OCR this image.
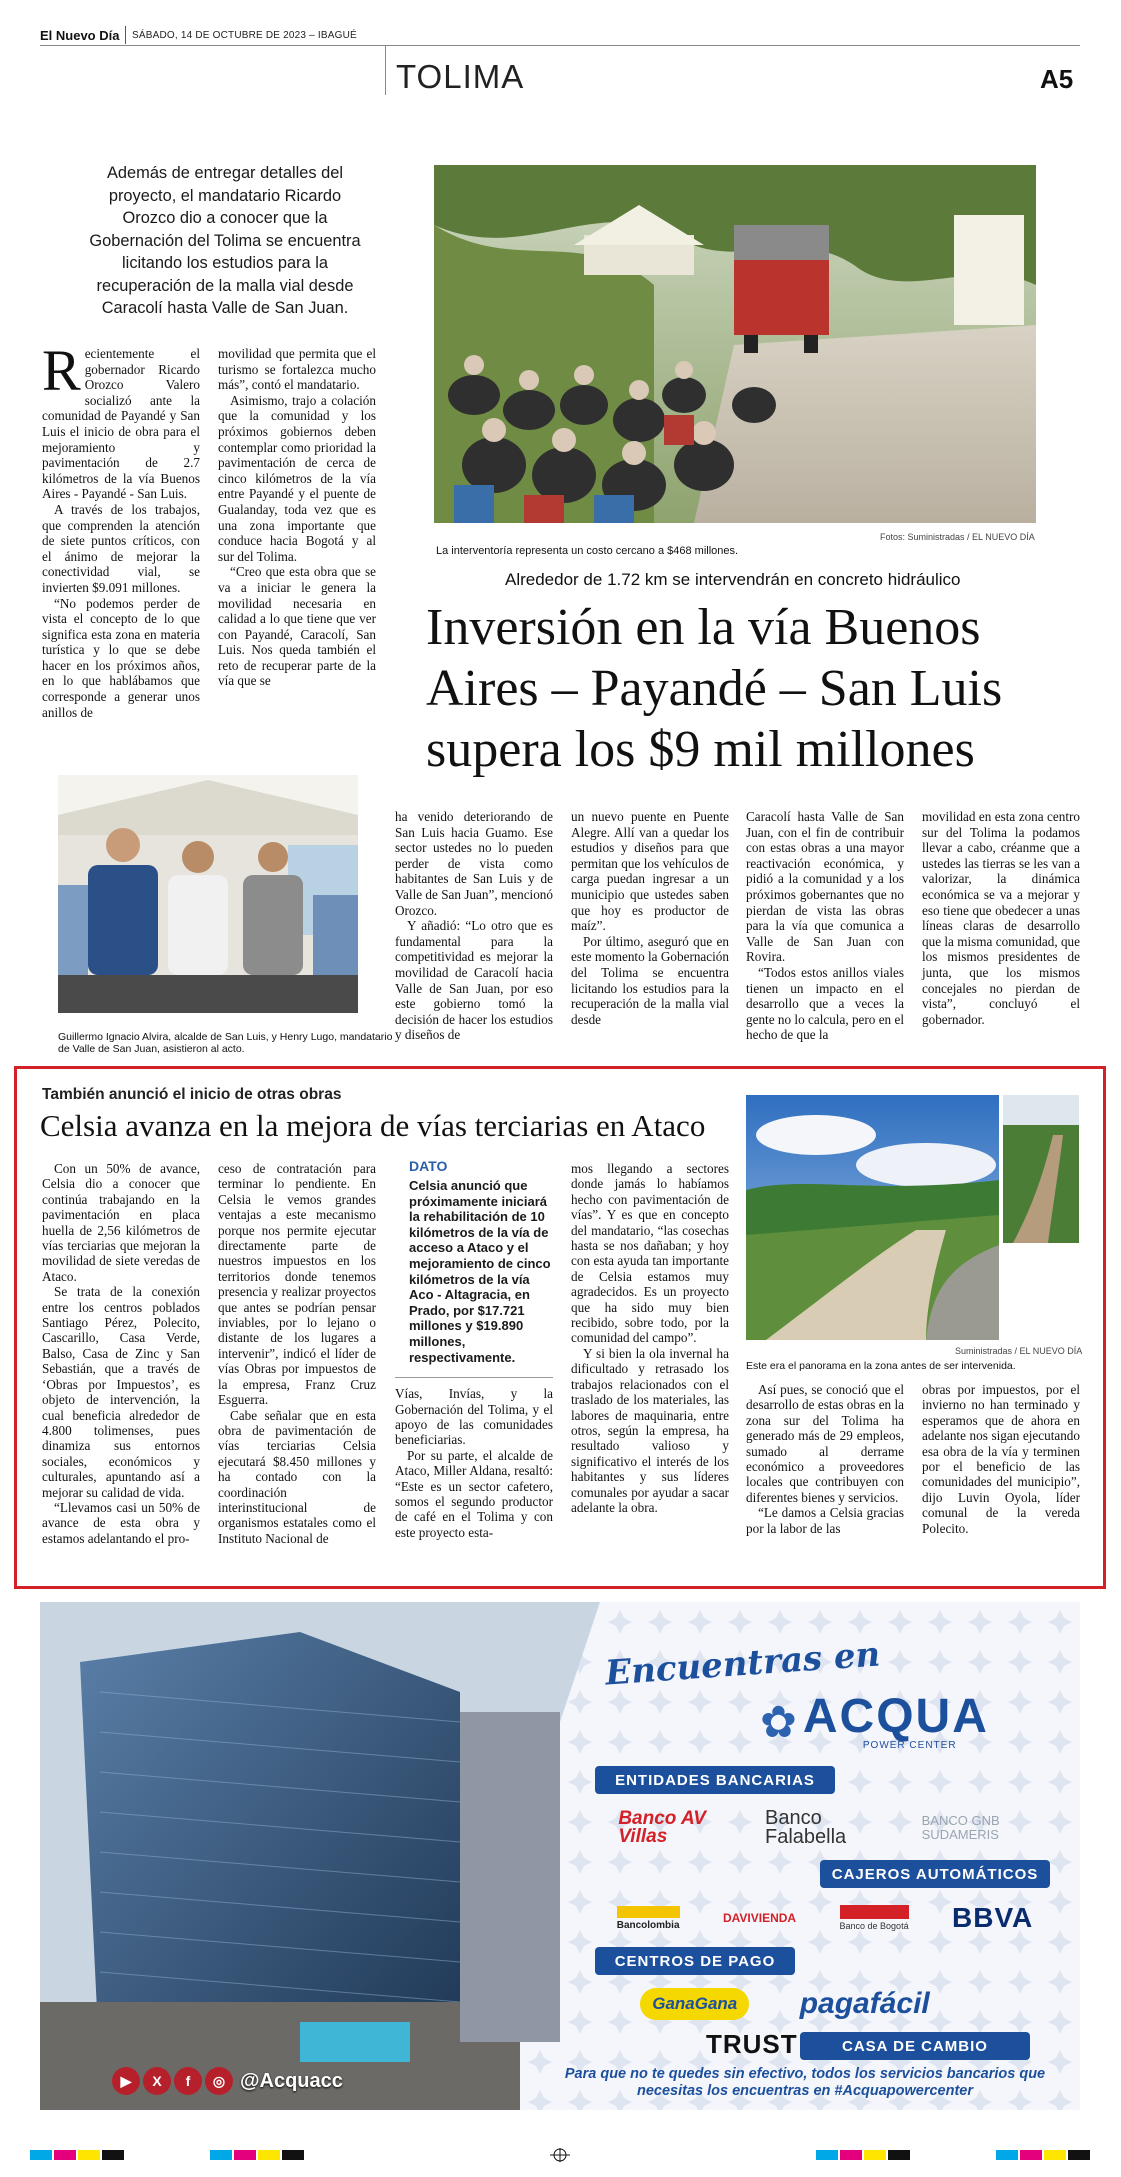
El Nuevo Día SÁBADO, 14 DE OCTUBRE DE 2023 – IBAGUÉ
TOLIMA	A5
Además de entregar detalles del proyecto, el mandatario Ricardo Orozco dio a conocer que la Gobernación del Tolima se encuentra licitando los estudios para la recuperación de la malla vial desde Caracolí hasta Valle de San Juan.
La interventoría representa un costo cercano a $468 millones.
Fotos: Suministradas / EL NUEVO DÍA
Alrededor de 1.72 km se intervendrán en concreto hidráulico
Inversión en la vía Buenos Aires – Payandé – San Luis supera los $9 mil millones
R ecientemente el gobernador Ricardo Orozco Valero socializó ante la comunidad de Payandé y San Luis el inicio de obra para el mejoramiento y pavimentación de 2.7 kilómetros de la vía Buenos Aires - Payandé - San Luis.

A través de los trabajos, que comprenden la atención de siete puntos críticos, con el ánimo de mejorar la conectividad vial, se invierten $9.091 millones.

“No podemos perder de vista el concepto de lo que significa esta zona en materia turística y lo que se debe hacer en los próximos años, en lo que hablábamos que corresponde a generar unos anillos de

movilidad que permita que el turismo se fortalezca mucho más”, contó el mandatario.

Asimismo, trajo a colación que la comunidad y los próximos gobiernos deben contemplar como prioridad la pavimentación de cerca de cinco kilómetros de la vía entre Payandé y el puente de Gualanday, toda vez que es una zona importante que conduce hacia Bogotá y al sur del Tolima.

“Creo que esta obra que se va a iniciar le genera la movilidad necesaria en calidad a lo que tiene que ver con Payandé, Caracolí, San Luis. Nos queda también el reto de recuperar parte de la vía que se

Guillermo Ignacio Alvira, alcalde de San Luis, y Henry Lugo, mandatario de Valle de San Juan, asistieron al acto.

ha venido deteriorando de San Luis hacia Guamo. Ese sector ustedes no lo pueden perder de vista como habitantes de San Luis y de Valle de San Juan”, mencionó Orozco.

Y añadió: “Lo otro que es fundamental para la competitividad es mejorar la movilidad de Caracolí hacia Valle de San Juan, por eso este gobierno tomó la decisión de hacer los estudios y diseños de

un nuevo puente en Puente Alegre. Allí van a quedar los estudios y diseños para que permitan que los vehículos de carga puedan ingresar a un municipio que ustedes saben que hoy es productor de maíz”.

Por último, aseguró que en este momento la Gobernación del Tolima se encuentra licitando los estudios para la recuperación de la malla vial desde

Caracolí hasta Valle de San Juan, con el fin de contribuir con estas obras a una mayor reactivación económica, y pidió a la comunidad y a los próximos gobernantes que no pierdan de vista las obras para la vía que comunica a Valle de San Juan con Rovira.

“Todos estos anillos viales tienen un impacto en el desarrollo que a veces la gente no lo calcula, pero en el hecho de que la

movilidad en esta zona centro sur del Tolima la podamos llevar a cabo, créanme que a ustedes las tierras se les van a valorizar, la dinámica económica se va a mejorar y eso tiene que obedecer a unas líneas claras de desarrollo que la misma comunidad, que los mismos presidentes de junta, que los mismos concejales no pierdan de vista”, concluyó el gobernador.

También anunció el inicio de otras obras
Celsia avanza en la mejora de vías terciarias en Ataco

Con un 50% de avance, Celsia dio a conocer que continúa trabajando en la pavimentación en placa huella de 2,56 kilómetros de vías terciarias que mejoran la movilidad de siete veredas de Ataco.

Se trata de la conexión entre los centros poblados Santiago Pérez, Polecito, Cascarillo, Casa Verde, Balso, Casa de Zinc y San Sebastián, que a través de ‘Obras por Impuestos’, es objeto de intervención, la cual beneficia alrededor de 4.800 tolimenses, pues dinamiza sus entornos sociales, económicos y culturales, apuntando así a mejorar su calidad de vida.

“Llevamos casi un 50% de avance de esta obra y estamos adelantando el pro-

ceso de contratación para terminar lo pendiente. En Celsia le vemos grandes ventajas a este mecanismo porque nos permite ejecutar directamente parte de nuestros impuestos en los territorios donde tenemos presencia y realizar proyectos que antes se podrían pensar inviables, por lo lejano o distante de los lugares a intervenir”, indicó el líder de vías Obras por impuestos de la empresa, Franz Cruz Esguerra.

Cabe señalar que en esta obra de pavimentación de vías terciarias Celsia ejecutará $8.450 millones y ha contado con la coordinación interinstitucional de organismos estatales como el Instituto Nacional de

DATO
Celsia anunció que próximamente iniciará la rehabilitación de 10 kilómetros de la vía de acceso a Ataco y el mejoramiento de cinco kilómetros de la vía Aco - Altagracia, en Prado, por $17.721 millones y $19.890 millones, respectivamente.

Vías, Invías, y la Gobernación del Tolima, y el apoyo de las comunidades beneficiarias.

Por su parte, el alcalde de Ataco, Miller Aldana, resaltó: “Este es un sector cafetero, somos el segundo productor de café en el Tolima y con este proyecto esta-

mos llegando a sectores donde jamás lo habíamos hecho con pavimentación de vías”. Y es que en concepto del mandatario, “las cosechas hasta se nos dañaban; y hoy con esta ayuda tan importante de Celsia estamos muy agradecidos. Es un proyecto que ha sido muy bien recibido, sobre todo, por la comunidad del campo”.

Y si bien la ola invernal ha dificultado y retrasado los trabajos relacionados con el traslado de los materiales, las labores de maquinaria, entre otros, según la empresa, ha resultado valioso y significativo el interés de los habitantes y sus líderes comunales por ayudar a sacar adelante la obra.

Suministradas / EL NUEVO DÍA
Este era el panorama en la zona antes de ser intervenida.

Así pues, se conoció que el desarrollo de estas obras en la zona sur del Tolima ha generado más de 29 empleos, sumado al derrame económico a proveedores locales que contribuyen con diferentes bienes y servicios.

“Le damos a Celsia gracias por la labor de las

obras por impuestos, por el invierno no han terminado y esperamos que de ahora en adelante nos sigan ejecutando esa obra de la vía y terminen por el beneficio de las comunidades del municipio”, dijo Luvin Oyola, líder comunal de la vereda Polecito.

▶	X	f	◎ @Acquacc
Encuentras en
✿ ACQUA
POWER CENTER
ENTIDADES BANCARIAS
Banco AV Villas
Banco Falabella
BANCO GNB SUDAMERIS
CAJEROS AUTOMÁTICOS
Bancolombia	DAVIVIENDA
Banco de Bogotá BBVA
CENTROS DE PAGO
GanaGana	pagafácil
TRUST	CASA DE CAMBIO
Para que no te quedes sin efectivo, todos los servicios bancarios que necesitas los encuentras en #Acquapowercenter
